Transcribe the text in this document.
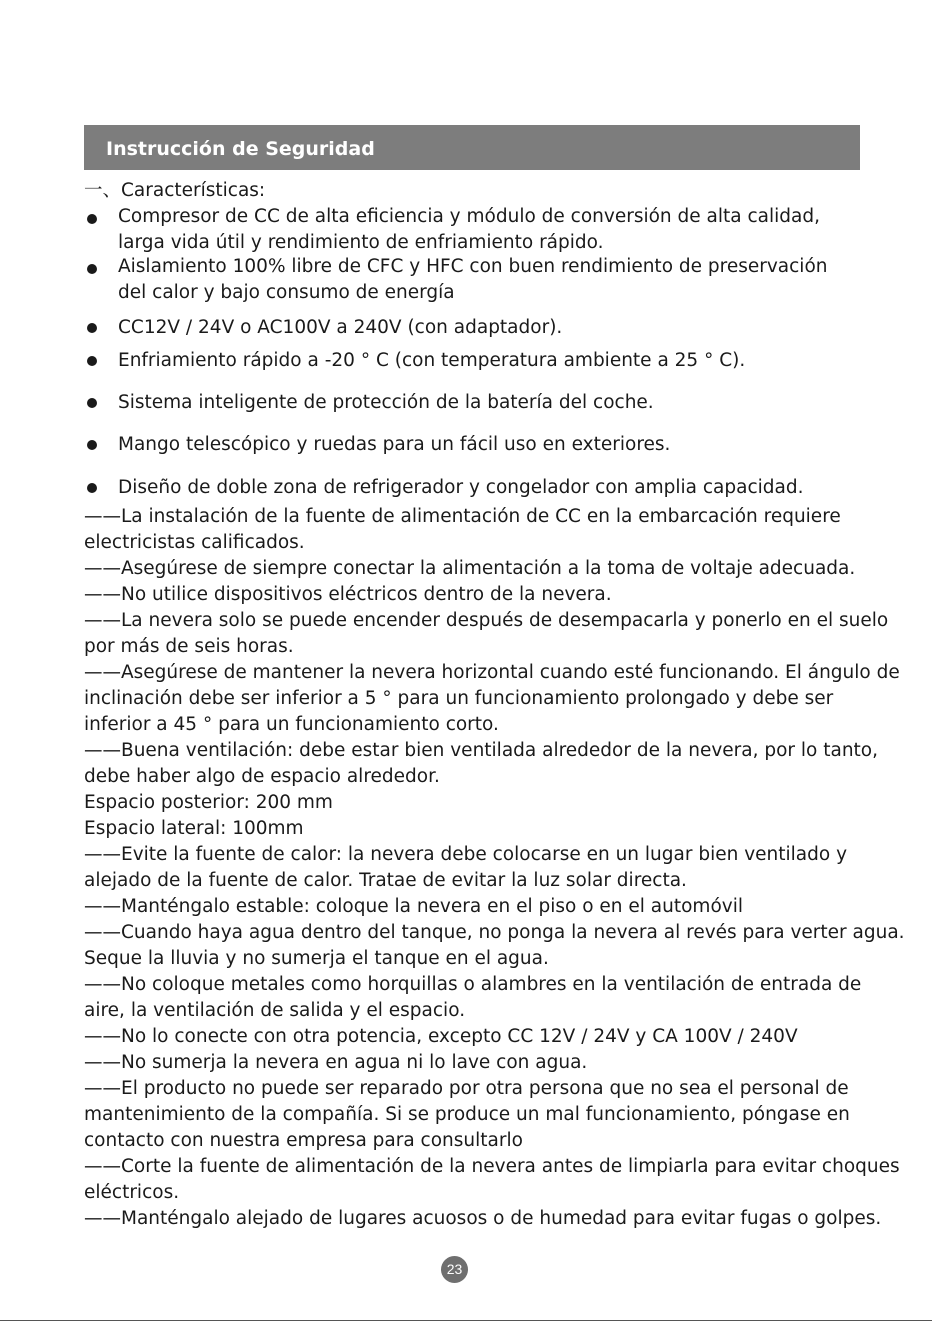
Instrucción de Seguridad
一、Características:
Compresor de CC de alta eficiencia y módulo de conversión de alta calidad,
larga vida útil y rendimiento de enfriamiento rápido.
Aislamiento 100% libre de CFC y HFC con buen rendimiento de preservación
del calor y bajo consumo de energía
CC12V / 24V o AC100V a 240V (con adaptador).
Enfriamiento rápido a -20 ° C (con temperatura ambiente a 25 ° C).
Sistema inteligente de protección de la batería del coche.
Mango telescópico y ruedas para un fácil uso en exteriores.
Diseño de doble zona de refrigerador y congelador con amplia capacidad.
——La instalación de la fuente de alimentación de CC en la embarcación requiere
electricistas calificados.
——Asegúrese de siempre conectar la alimentación a la toma de voltaje adecuada.
——No utilice dispositivos eléctricos dentro de la nevera.
——La nevera solo se puede encender después de desempacarla y ponerlo en el suelo
por más de seis horas.
——Asegúrese de mantener la nevera horizontal cuando esté funcionando. El ángulo de
inclinación debe ser inferior a 5 ° para un funcionamiento prolongado y debe ser
inferior a 45 ° para un funcionamiento corto.
——Buena ventilación: debe estar bien ventilada alrededor de la nevera, por lo tanto,
debe haber algo de espacio alrededor.
Espacio posterior: 200 mm
Espacio lateral: 100mm
——Evite la fuente de calor: la nevera debe colocarse en un lugar bien ventilado y
alejado de la fuente de calor. Tratae de evitar la luz solar directa.
——Manténgalo estable: coloque la nevera en el piso o en el automóvil
——Cuando haya agua dentro del tanque, no ponga la nevera al revés para verter agua.
Seque la lluvia y no sumerja el tanque en el agua.
——No coloque metales como horquillas o alambres en la ventilación de entrada de
aire, la ventilación de salida y el espacio.
——No lo conecte con otra potencia, excepto CC 12V / 24V y CA 100V / 240V
——No sumerja la nevera en agua ni lo lave con agua.
——El producto no puede ser reparado por otra persona que no sea el personal de
mantenimiento de la compañía. Si se produce un mal funcionamiento, póngase en
contacto con nuestra empresa para consultarlo
——Corte la fuente de alimentación de la nevera antes de limpiarla para evitar choques
eléctricos.
——Manténgalo alejado de lugares acuosos o de humedad para evitar fugas o golpes.
23
